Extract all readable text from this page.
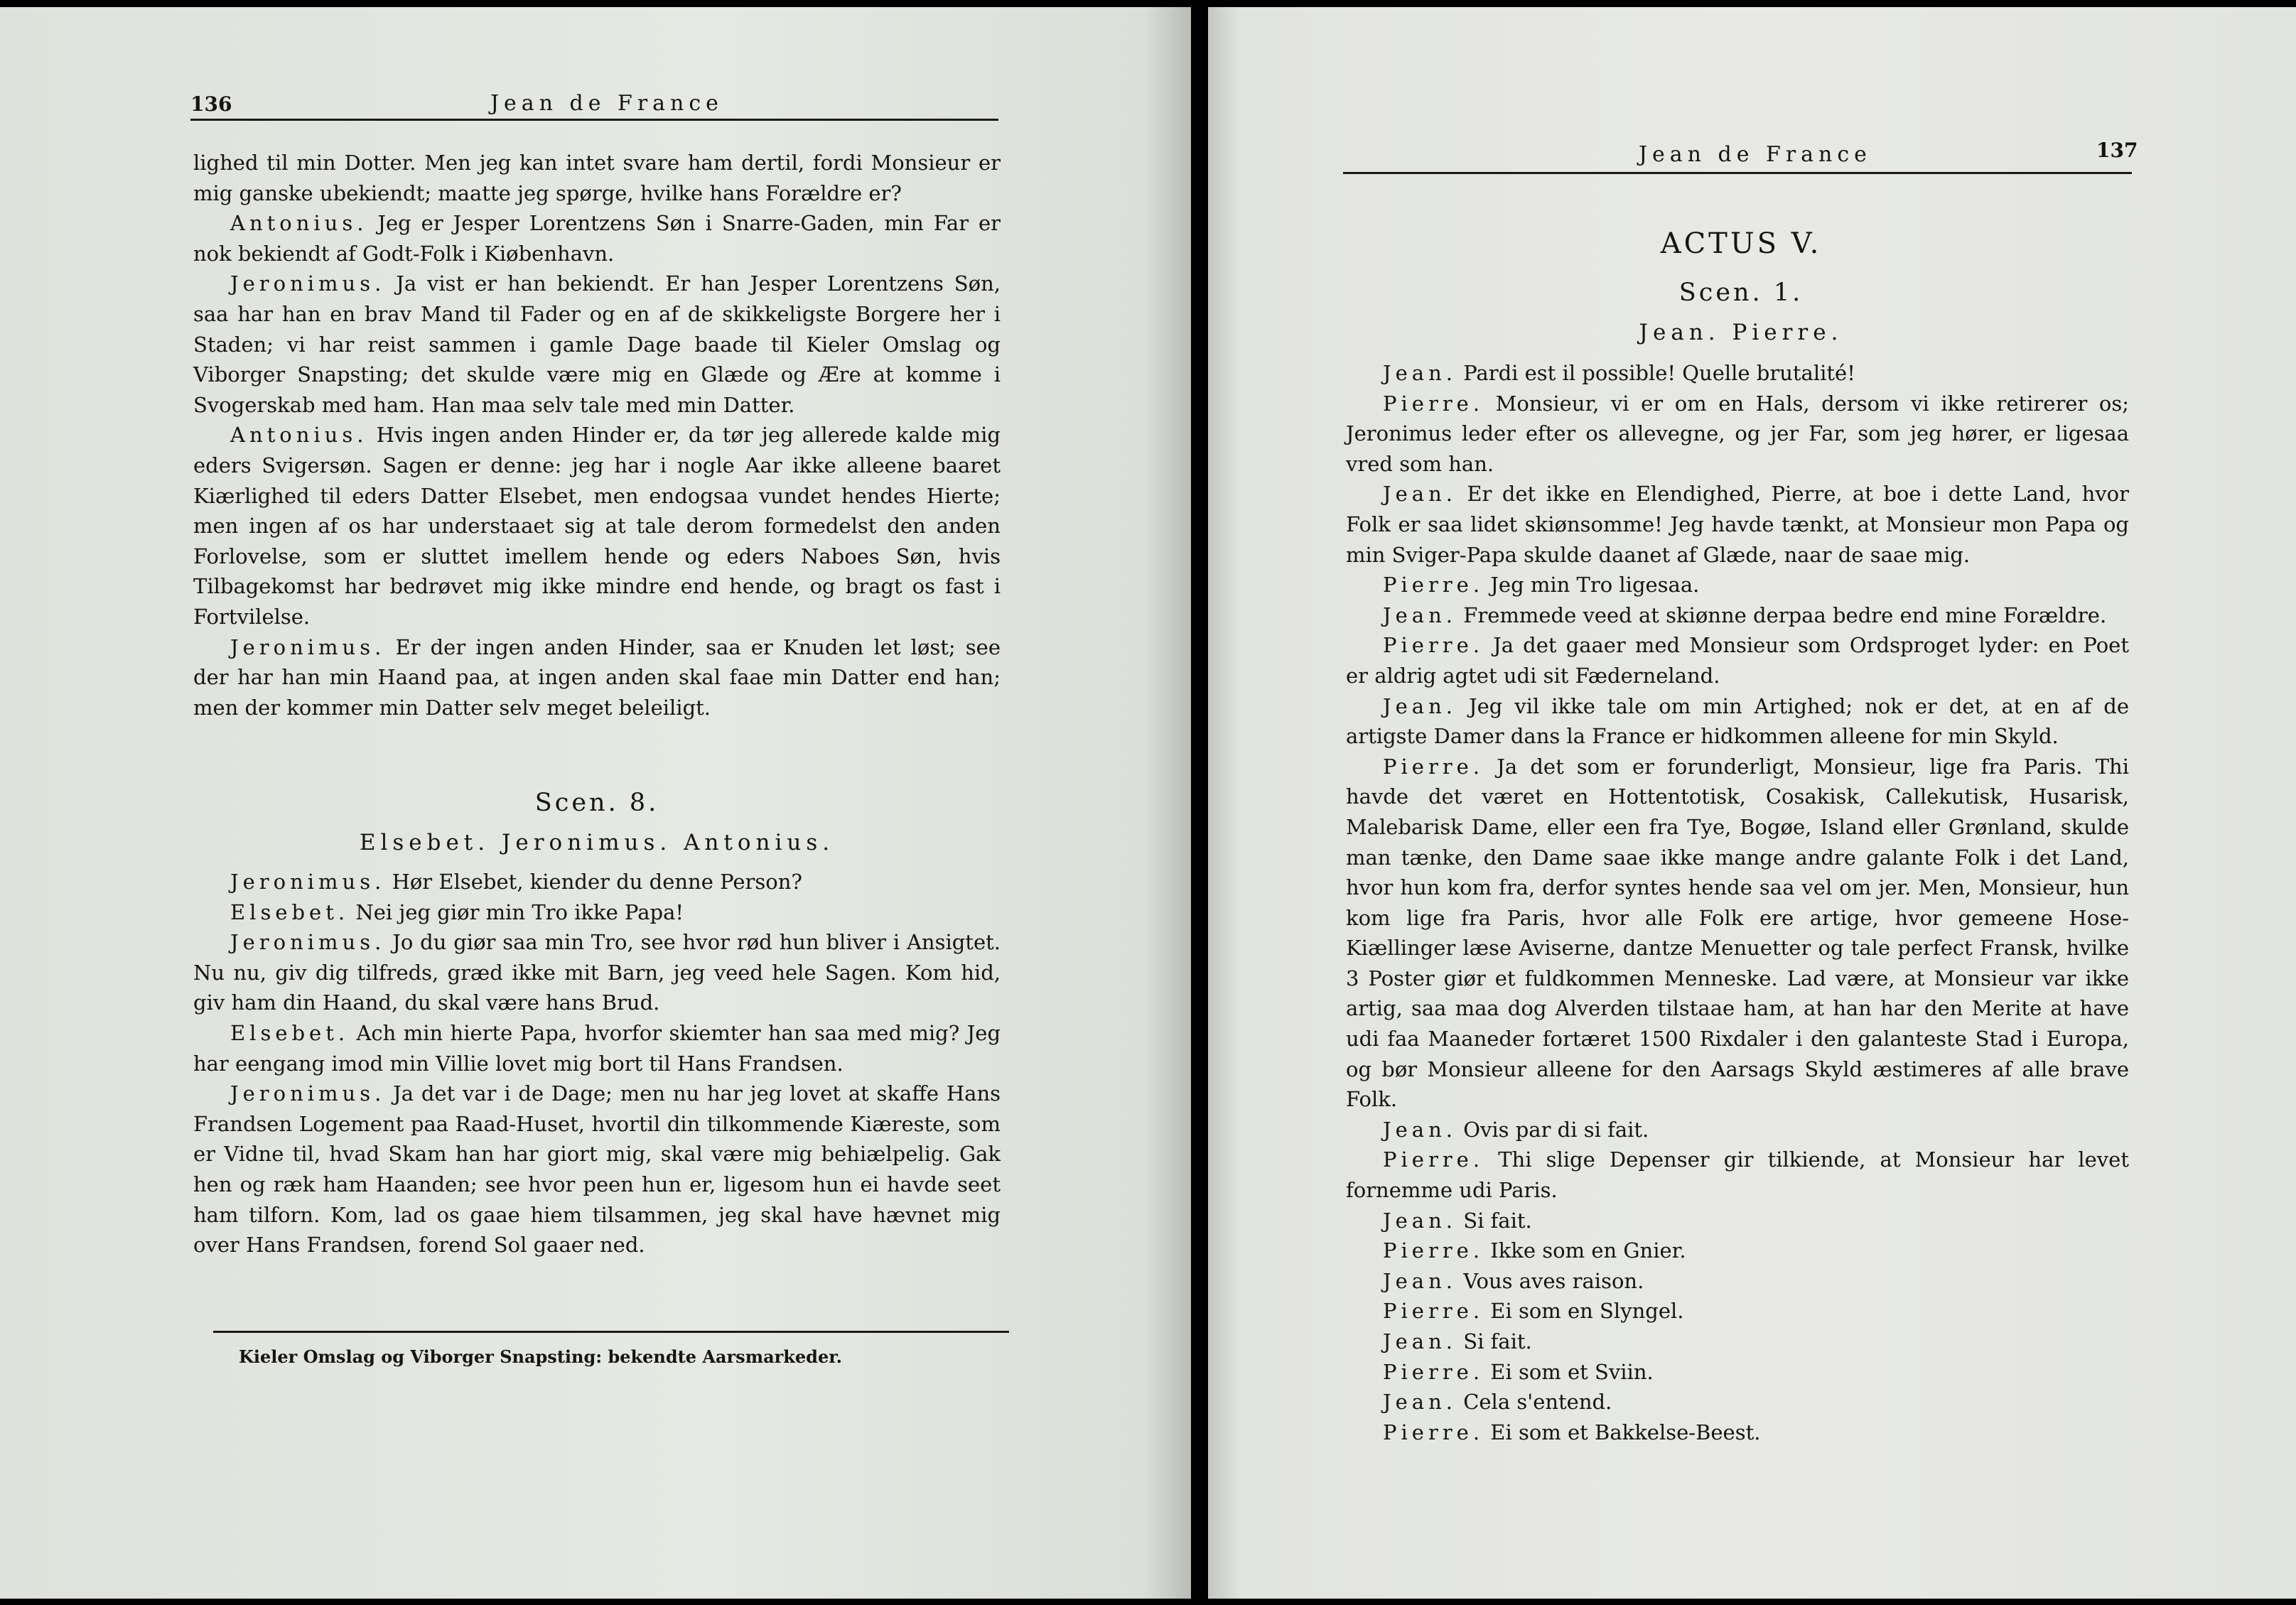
136	Jean de France

lighed til min Dotter. Men jeg kan intet svare ham dertil, fordi Monsieur er mig ganske ubekiendt; maatte jeg spørge, hvilke hans Forældre er?

Antonius. Jeg er Jesper Lorentzens Søn i Snarre-Gaden, min Far er nok bekiendt af Godt-Folk i Kiøbenhavn.

Jeronimus. Ja vist er han bekiendt. Er han Jesper Lorentzens Søn, saa har han en brav Mand til Fader og en af de skikkeligste Borgere her i Staden; vi har reist sammen i gamle Dage baade til Kieler Omslag og Viborger Snapsting; det skulde være mig en Glæde og Ære at komme i Svogerskab med ham. Han maa selv tale med min Datter.

Antonius. Hvis ingen anden Hinder er, da tør jeg allerede kalde mig eders Svigersøn. Sagen er denne: jeg har i nogle Aar ikke alleene baaret Kiærlighed til eders Datter Elsebet, men endogsaa vundet hendes Hierte; men ingen af os har understaaet sig at tale derom formedelst den anden Forlovelse, som er sluttet imellem hende og eders Naboes Søn, hvis Tilbagekomst har bedrøvet mig ikke mindre end hende, og bragt os fast i Fortvilelse.

Jeronimus. Er der ingen anden Hinder, saa er Knuden let løst; see der har han min Haand paa, at ingen anden skal faae min Datter end han; men der kommer min Datter selv meget beleiligt.

Scen. 8.
Elsebet. Jeronimus. Antonius.

Jeronimus. Hør Elsebet, kiender du denne Person?

Elsebet. Nei jeg giør min Tro ikke Papa!

Jeronimus. Jo du giør saa min Tro, see hvor rød hun bliver i Ansigtet. Nu nu, giv dig tilfreds, græd ikke mit Barn, jeg veed hele Sagen. Kom hid, giv ham din Haand, du skal være hans Brud.

Elsebet. Ach min hierte Papa, hvorfor skiemter han saa med mig? Jeg har eengang imod min Villie lovet mig bort til Hans Frandsen.

Jeronimus. Ja det var i de Dage; men nu har jeg lovet at skaffe Hans Frandsen Logement paa Raad-Huset, hvortil din tilkommende Kiæreste, som er Vidne til, hvad Skam han har giort mig, skal være mig behiælpelig. Gak hen og ræk ham Haanden; see hvor peen hun er, ligesom hun ei havde seet ham tilforn. Kom, lad os gaae hiem tilsammen, jeg skal have hævnet mig over Hans Frandsen, forend Sol gaaer ned.

Kieler Omslag og Viborger Snapsting: bekendte Aarsmarkeder.
Jean de France	137
ACTUS V.
Scen. 1.
Jean. Pierre.

Jean. Pardi est il possible! Quelle brutalité!

Pierre. Monsieur, vi er om en Hals, dersom vi ikke retirerer os; Jeronimus leder efter os allevegne, og jer Far, som jeg hører, er ligesaa vred som han.

Jean. Er det ikke en Elendighed, Pierre, at boe i dette Land, hvor Folk er saa lidet skiønsomme! Jeg havde tænkt, at Monsieur mon Papa og min Sviger-Papa skulde daanet af Glæde, naar de saae mig.

Pierre. Jeg min Tro ligesaa.

Jean. Fremmede veed at skiønne derpaa bedre end mine Forældre.

Pierre. Ja det gaaer med Monsieur som Ordsproget lyder: en Poet er aldrig agtet udi sit Fæderneland.

Jean. Jeg vil ikke tale om min Artighed; nok er det, at en af de artigste Damer dans la France er hidkommen alleene for min Skyld.

Pierre. Ja det som er forunderligt, Monsieur, lige fra Paris. Thi havde det været en Hottentotisk, Cosakisk, Callekutisk, Husarisk, Malebarisk Dame, eller een fra Tye, Bogøe, Island eller Grønland, skulde man tænke, den Dame saae ikke mange andre galante Folk i det Land, hvor hun kom fra, derfor syntes hende saa vel om jer. Men, Monsieur, hun kom lige fra Paris, hvor alle Folk ere artige, hvor gemeene Hose-Kiællinger læse Aviserne, dantze Menuetter og tale perfect Fransk, hvilke 3 Poster giør et fuldkommen Menneske. Lad være, at Monsieur var ikke artig, saa maa dog Alverden tilstaae ham, at han har den Merite at have udi faa Maaneder fortæret 1500 Rixdaler i den galanteste Stad i Europa, og bør Monsieur alleene for den Aarsags Skyld æstimeres af alle brave Folk.

Jean. Ovis par di si fait.

Pierre. Thi slige Depenser gir tilkiende, at Monsieur har levet fornemme udi Paris.

Jean. Si fait.

Pierre. Ikke som en Gnier.

Jean. Vous aves raison.

Pierre. Ei som en Slyngel.

Jean. Si fait.

Pierre. Ei som et Sviin.

Jean. Cela s'entend.

Pierre. Ei som et Bakkelse-Beest.
